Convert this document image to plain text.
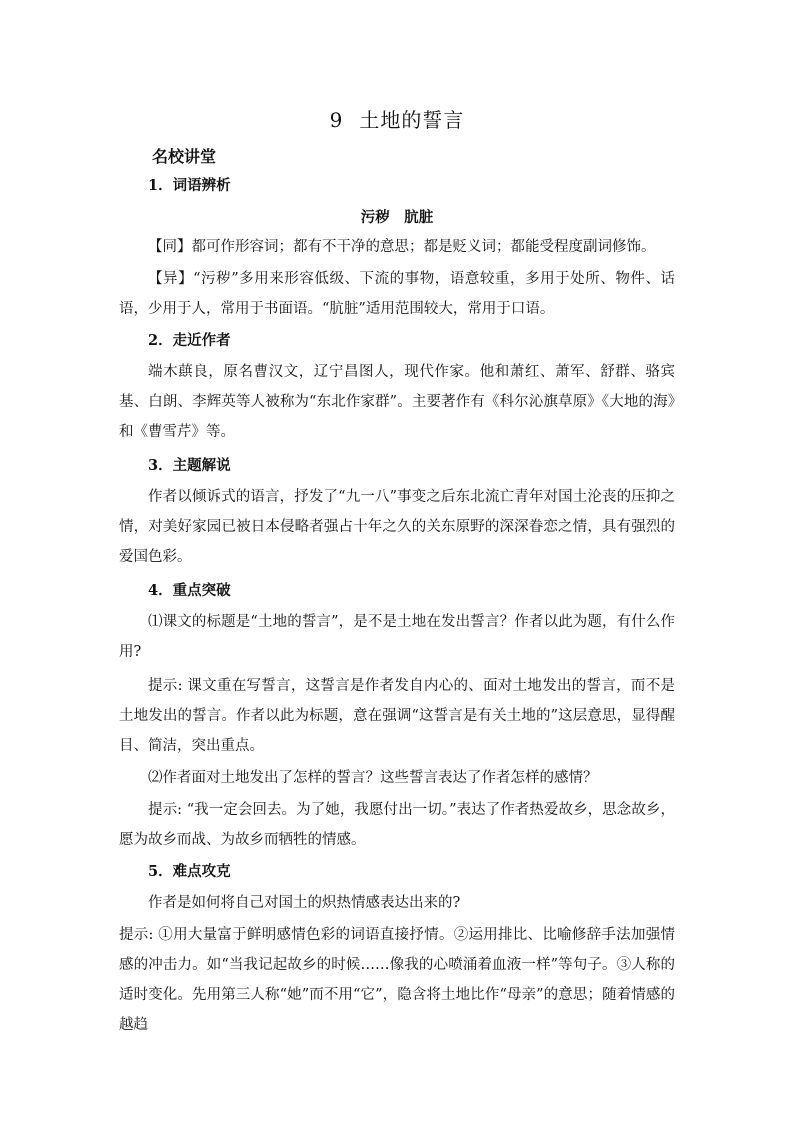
9 土地的誓言
名校讲堂
1．词语辨析
污秽　肮脏

【同】都可作形容词；都有不干净的意思；都是贬义词；都能受程度副词修饰。

【异】“污秽”多用来形容低级、下流的事物，语意较重，多用于处所、物件、话语，少用于人，常用于书面语。“肮脏”适用范围较大，常用于口语。

2．走近作者

端木蕻良，原名曹汉文，辽宁昌图人，现代作家。他和萧红、萧军、舒群、骆宾基、白朗、李辉英等人被称为“东北作家群”。主要著作有《科尔沁旗草原》《大地的海》和《曹雪芹》等。

3．主题解说

作者以倾诉式的语言，抒发了“九一八”事变之后东北流亡青年对国土沦丧的压抑之情，对美好家园已被日本侵略者强占十年之久的关东原野的深深眷恋之情，具有强烈的爱国色彩。

4．重点突破

⑴课文的标题是“土地的誓言”，是不是土地在发出誓言？作者以此为题，有什么作用?

提示: 课文重在写誓言，这誓言是作者发自内心的、面对土地发出的誓言，而不是土地发出的誓言。作者以此为标题，意在强调“这誓言是有关土地的”这层意思，显得醒目、简洁，突出重点。

⑵作者面对土地发出了怎样的誓言？这些誓言表达了作者怎样的感情？

提示: “我一定会回去。为了她，我愿付出一切。”表达了作者热爱故乡，思念故乡，愿为故乡而战、为故乡而牺牲的情感。

5．难点攻克

作者是如何将自己对国土的炽热情感表达出来的?

提示: ①用大量富于鲜明感情色彩的词语直接抒情。②运用排比、比喻修辞手法加强情感的冲击力。如“当我记起故乡的时候……像我的心喷涌着血液一样”等句子。③人称的适时变化。先用第三人称“她”而不用“它”，隐含将土地比作“母亲”的意思；随着情感的越趋
